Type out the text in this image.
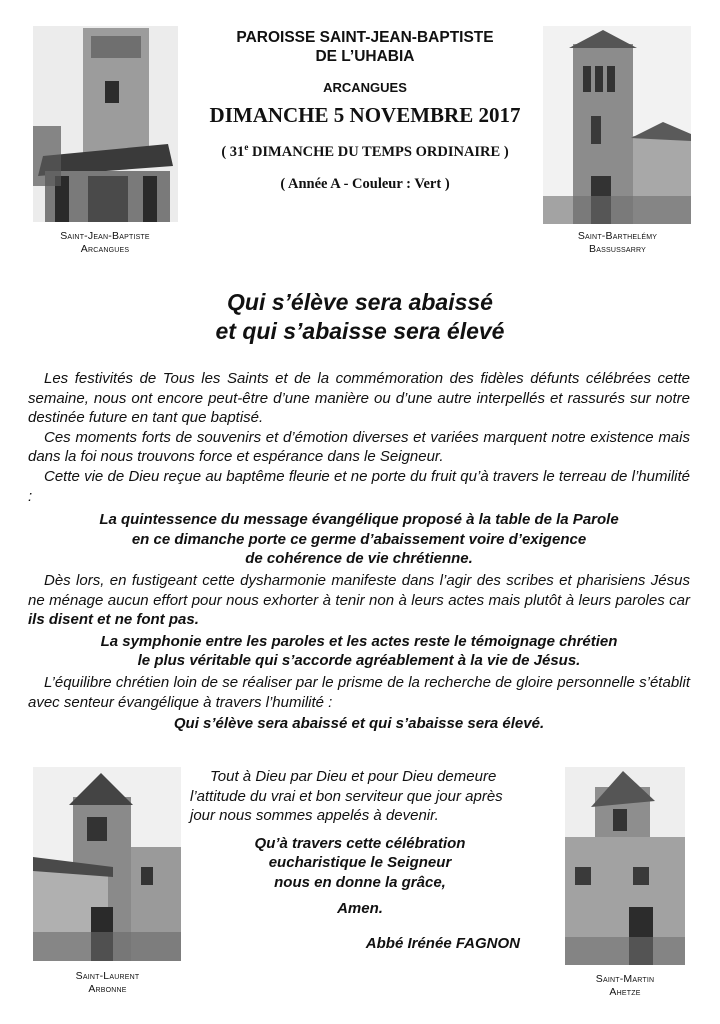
Saint-Jean-Baptiste
Arcangues
Saint-Barthelémy
Bassussarry
PAROISSE SAINT-JEAN-BAPTISTE
DE L’UHABIA
ARCANGUES
DIMANCHE 5 NOVEMBRE 2017
( 31e DIMANCHE DU TEMPS ORDINAIRE )
( Année A - Couleur : Vert )
Qui s’élève sera abaissé
et qui s’abaisse sera élevé

Les festivités de Tous les Saints et de la commémoration des fidèles défunts célébrées cette semaine, nous ont encore peut-être d’une manière ou d’une autre interpellés et rassurés sur notre destinée future en tant que baptisé.

Ces moments forts de souvenirs et d’émotion diverses et variées marquent notre existence mais dans la foi nous trouvons force et espérance dans le Seigneur.

Cette vie de Dieu reçue au baptême fleurie et ne porte du fruit qu’à travers le terreau de l’humilité :

La quintessence du message évangélique proposé à la table de la Parole
en ce dimanche porte ce germe d’abaissement voire d’exigence
de cohérence de vie chrétienne.

Dès lors, en fustigeant cette dysharmonie manifeste dans l’agir des scribes et pharisiens Jésus ne ménage aucun effort pour nous exhorter à tenir non à leurs actes mais plutôt à leurs paroles car ils disent et ne font pas.

La symphonie entre les paroles et les actes reste le témoignage chrétien
le plus véritable qui s’accorde agréablement à la vie de Jésus.

L’équilibre chrétien loin de se réaliser par le prisme de la recherche de gloire personnelle s’établit avec senteur évangélique à travers l’humilité :

Qui s’élève sera abaissé et qui s’abaisse sera élevé.

Saint-Laurent
Arbonne
Saint-Martin
Ahetze

Tout à Dieu par Dieu et pour Dieu demeure

l’attitude du vrai et bon serviteur que jour après

jour nous sommes appelés à devenir.

Qu’à travers cette célébration

eucharistique le Seigneur

nous en donne la grâce,

Amen.

Abbé Irénée FAGNON
